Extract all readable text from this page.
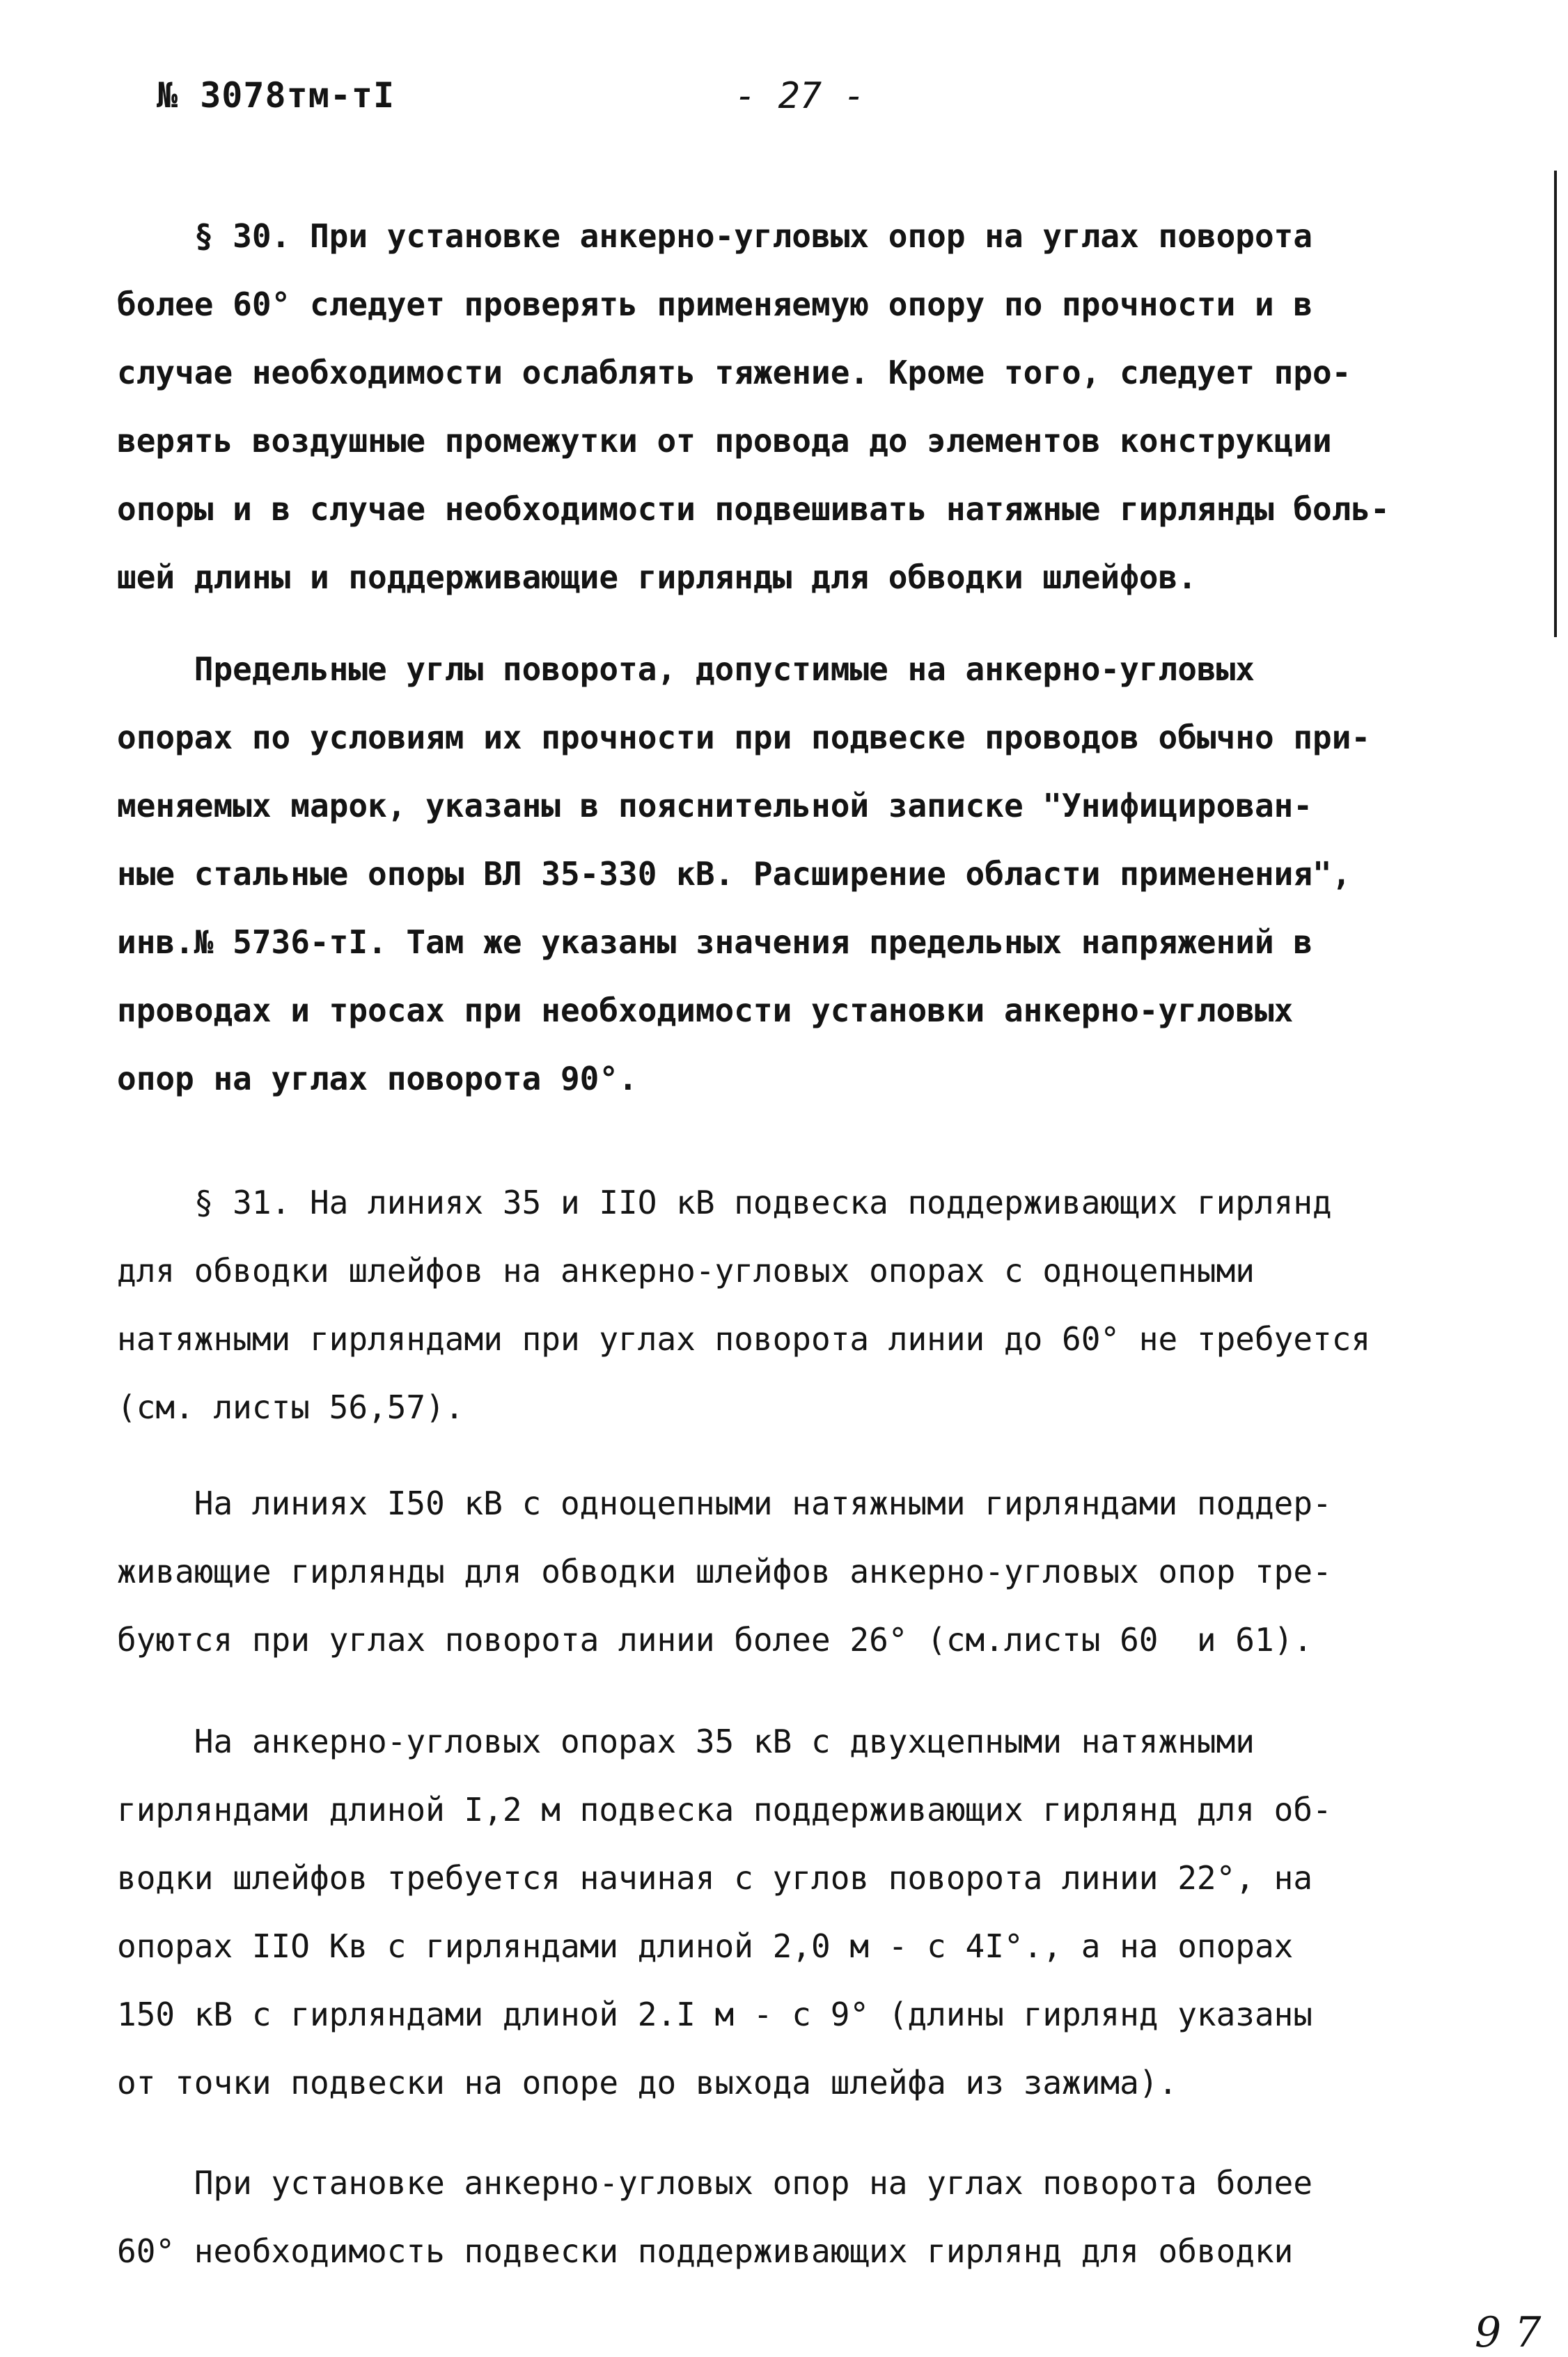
№ 3078тм-тI	- 27 -
§ 30. При установке анкерно-угловых опор на углах поворота
более 60° следует проверять применяемую опору по прочности и в
случае необходимости ослаблять тяжение. Кроме того, следует про-
верять воздушные промежутки от провода до элементов конструкции
опоры и в случае необходимости подвешивать натяжные гирлянды боль-
шей длины и поддерживающие гирлянды для обводки шлейфов.
Предельные углы поворота, допустимые на анкерно-угловых
опорах по условиям их прочности при подвеске проводов обычно при-
меняемых марок, указаны в пояснительной записке "Унифицирован-
ные стальные опоры ВЛ 35-330 кВ. Расширение области применения",
инв.№ 5736-тI. Там же указаны значения предельных напряжений в
проводах и тросах при необходимости установки анкерно-угловых
опор на углах поворота 90°.
§ 31. На линиях 35 и IIO кВ подвеска поддерживающих гирлянд
для обводки шлейфов на анкерно-угловых опорах с одноцепными
натяжными гирляндами при углах поворота линии до 60° не требуется
(см. листы 56,57).
На линиях I50 кВ с одноцепными натяжными гирляндами поддер-
живающие гирлянды для обводки шлейфов анкерно-угловых опор тре-
буются при углах поворота линии более 26° (см.листы 60  и 61).
На анкерно-угловых опорах 35 кВ с двухцепными натяжными
гирляндами длиной I,2 м подвеска поддерживающих гирлянд для об-
водки шлейфов требуется начиная с углов поворота линии 22°, на
опорах IIO Кв с гирляндами длиной 2,0 м - с 4I°., а на опорах
150 кВ с гирляндами длиной 2.I м - с 9° (длины гирлянд указаны
от точки подвески на опоре до выхода шлейфа из зажима).
При установке анкерно-угловых опор на углах поворота более
60° необходимость подвески поддерживающих гирлянд для обводки
9 7
